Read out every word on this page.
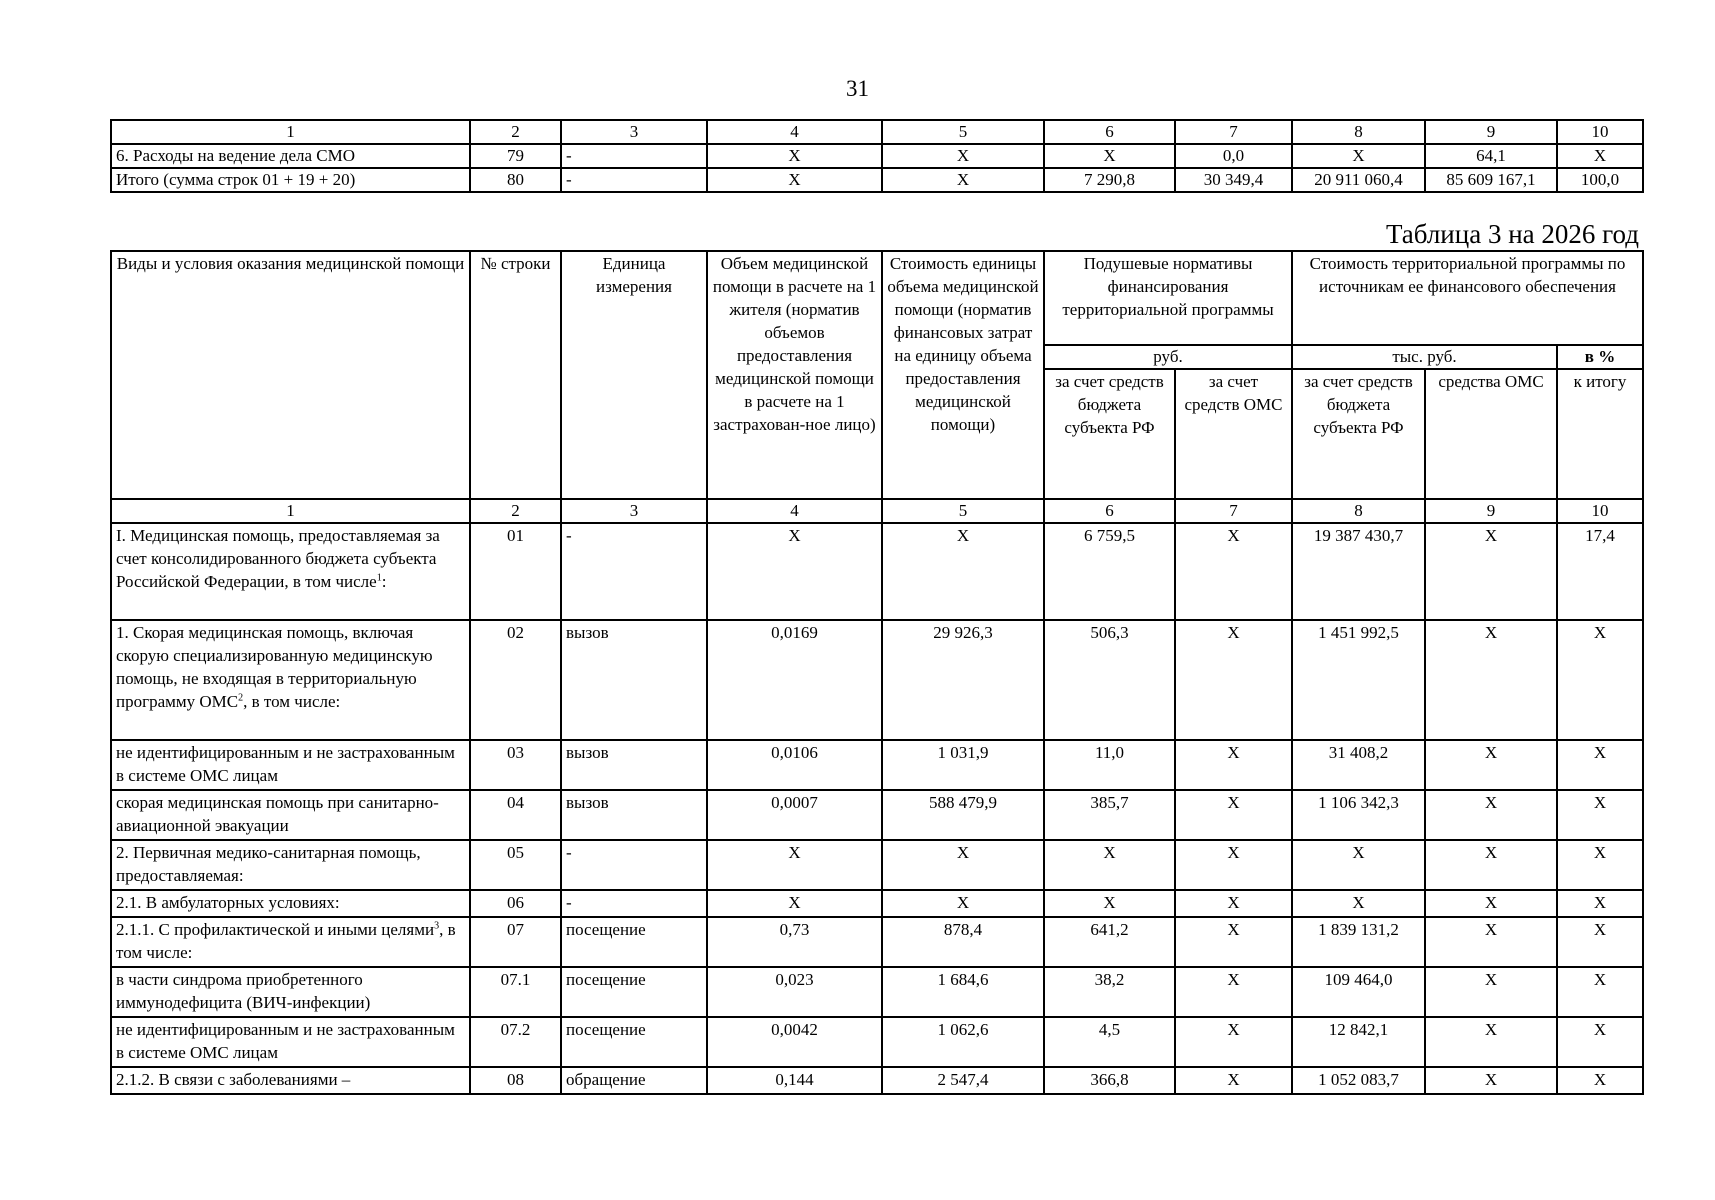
31
1	2	3	4	5	6	7	8	9	10
6. Расходы на ведение дела СМО	79	-	X	X	X	0,0	X	64,1	X
Итого (сумма строк 01 + 19 + 20)	80	-	X	X	7 290,8	30 349,4	20 911 060,4	85 609 167,1	100,0
Таблица 3 на 2026 год
Виды и условия оказания медицинской помощи	№ строки	Единица измерения	Объем медицинской помощи в расчете на 1 жителя (норматив объемов предоставления медицинской помощи в расчете на 1 застрахован-ное лицо)	Стоимость единицы объема медицинской помощи (норматив финансовых затрат на единицу объема предоставления медицинской помощи)	Подушевые нормативы финансирования территориальной программы		Стоимость территориальной программы по источникам ее финансового обеспечения		
					руб.		тыс. руб.		в %
					за счет средств бюджета субъекта РФ	за счет средств ОМС	за счет средств бюджета субъекта РФ	средства ОМС	к итогу
1	2	3	4	5	6	7	8	9	10
I. Медицинская помощь, предоставляемая за счет консолидированного бюджета субъекта Российской Федерации, в том числе$^1$:	01	-	X	X	6 759,5	X	19 387 430,7	X	17,4
1. Скорая медицинская помощь, включая скорую специализированную медицинскую помощь, не входящая в территориальную программу ОМС$^2$, в том числе:	02	вызов	0,0169	29 926,3	506,3	X	1 451 992,5	X	X
не идентифицированным и не застрахованным в системе ОМС лицам	03	вызов	0,0106	1 031,9	11,0	X	31 408,2	X	X
скорая медицинская помощь при санитарно-авиационной эвакуации	04	вызов	0,0007	588 479,9	385,7	X	1 106 342,3	X	X
2. Первичная медико-санитарная помощь, предоставляемая:	05	-	X	X	X	X	X	X	X
2.1. В амбулаторных условиях:	06	-	X	X	X	X	X	X	X
2.1.1. С профилактической и иными целями$^3$, в том числе:	07	посещение	0,73	878,4	641,2	X	1 839 131,2	X	X
в части синдрома приобретенного иммунодефицита (ВИЧ-инфекции)	07.1	посещение	0,023	1 684,6	38,2	X	109 464,0	X	X
не идентифицированным и не застрахованным в системе ОМС лицам	07.2	посещение	0,0042	1 062,6	4,5	X	12 842,1	X	X
2.1.2. В связи с заболеваниями –	08	обращение	0,144	2 547,4	366,8	X	1 052 083,7	X	X
